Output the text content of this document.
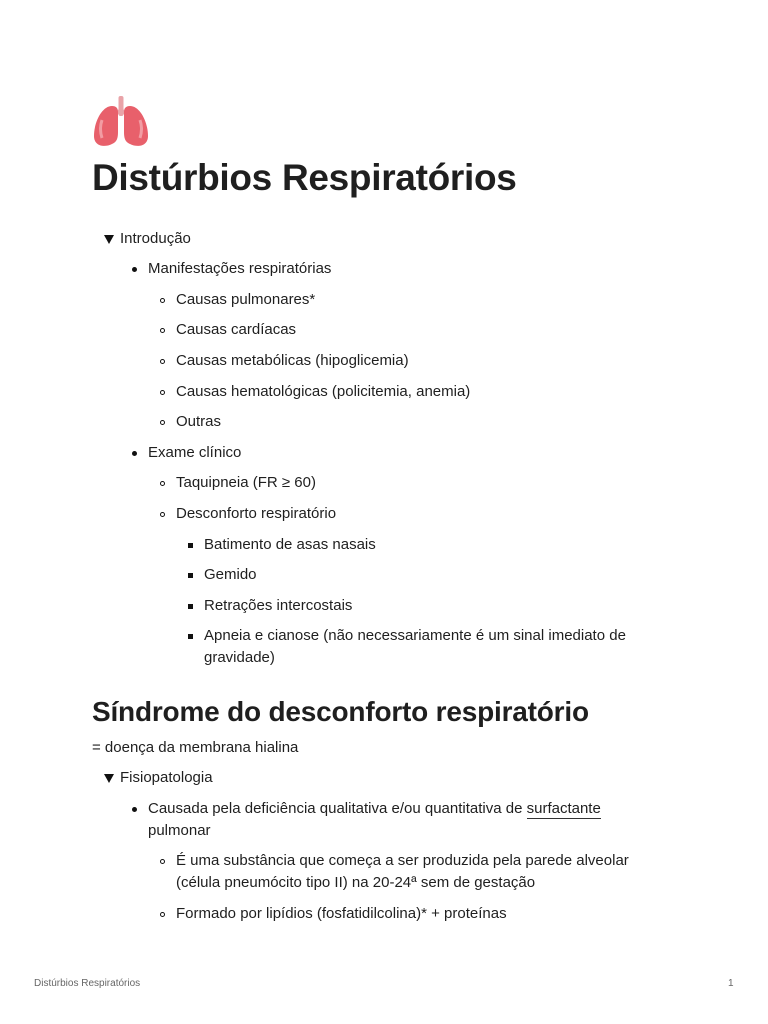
Distúrbios Respiratórios
Introdução
Manifestações respiratórias
Causas pulmonares*
Causas cardíacas
Causas metabólicas (hipoglicemia)
Causas hematológicas (policitemia, anemia)
Outras
Exame clínico
Taquipneia (FR ≥ 60)
Desconforto respiratório
Batimento de asas nasais
Gemido
Retrações intercostais
Apneia e cianose (não necessariamente é um sinal imediato de
gravidade)
Síndrome do desconforto respiratório
= doença da membrana hialina
Fisiopatologia
Causada pela deficiência qualitativa e/ou quantitativa de surfactante
pulmonar
É uma substância que começa a ser produzida pela parede alveolar
(célula pneumócito tipo II) na 20-24ª sem de gestação
Formado por lipídios (fosfatidilcolina)* + proteínas
Distúrbios Respiratórios	1
